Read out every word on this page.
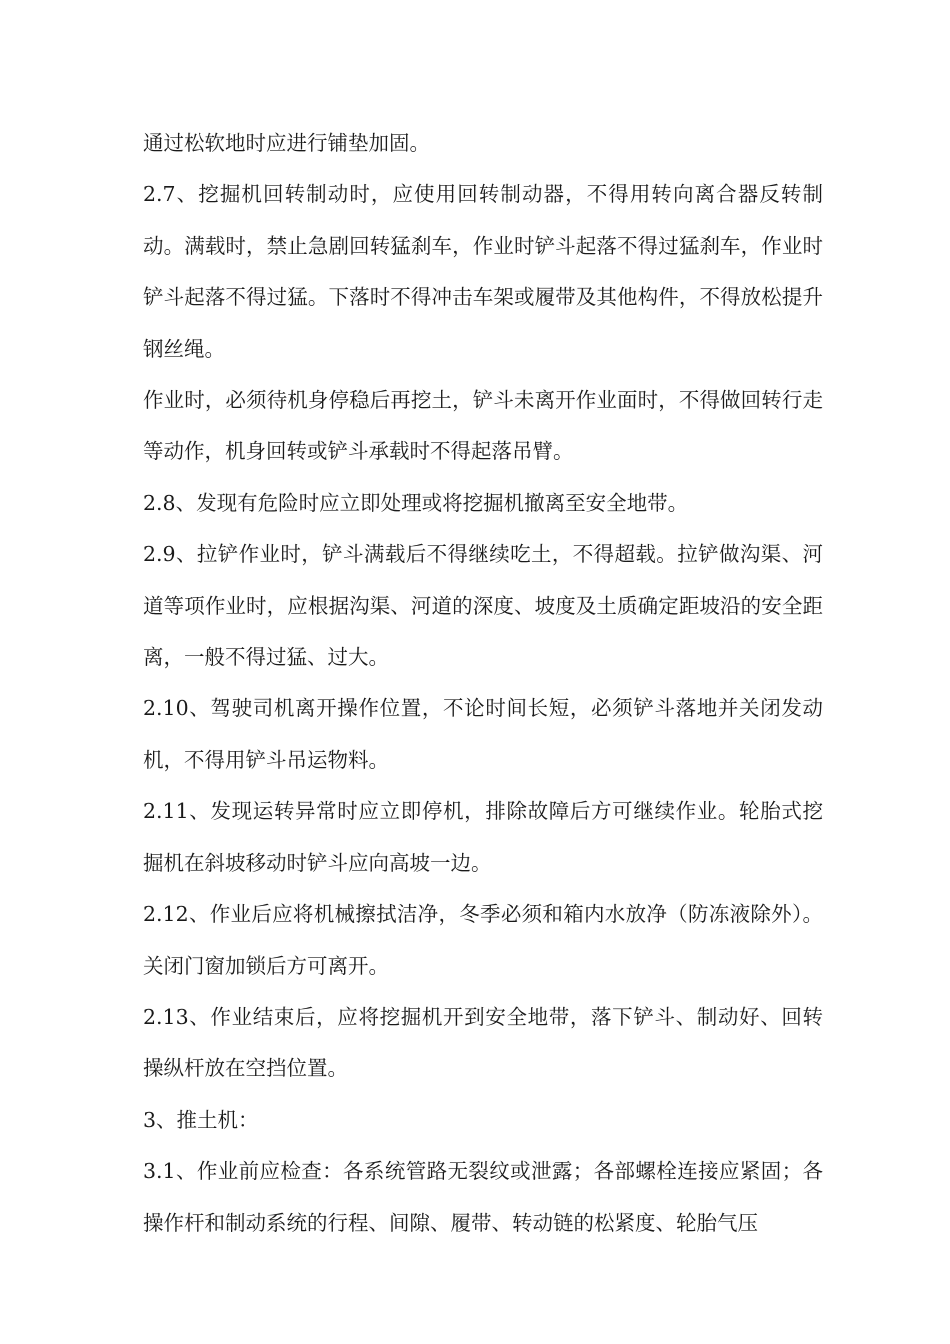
通过松软地时应进行铺垫加固。

2.7、挖掘机回转制动时，应使用回转制动器，不得用转向离合器反转制动。满载时，禁止急剧回转猛刹车，作业时铲斗起落不得过猛刹车，作业时铲斗起落不得过猛。下落时不得冲击车架或履带及其他构件，不得放松提升钢丝绳。

作业时，必须待机身停稳后再挖土，铲斗未离开作业面时，不得做回转行走等动作，机身回转或铲斗承载时不得起落吊臂。

2.8、发现有危险时应立即处理或将挖掘机撤离至安全地带。

2.9、拉铲作业时，铲斗满载后不得继续吃土，不得超载。拉铲做沟渠、河道等项作业时，应根据沟渠、河道的深度、坡度及土质确定距坡沿的安全距离，一般不得过猛、过大。

2.10、驾驶司机离开操作位置，不论时间长短，必须铲斗落地并关闭发动机，不得用铲斗吊运物料。

2.11、发现运转异常时应立即停机，排除故障后方可继续作业。轮胎式挖掘机在斜坡移动时铲斗应向高坡一边。

2.12、作业后应将机械擦拭洁净，冬季必须和箱内水放净（防冻液除外）。关闭门窗加锁后方可离开。

2.13、作业结束后，应将挖掘机开到安全地带，落下铲斗、制动好、回转操纵杆放在空挡位置。

3、推土机：

3.1、作业前应检查：各系统管路无裂纹或泄露；各部螺栓连接应紧固；各操作杆和制动系统的行程、间隙、履带、转动链的松紧度、轮胎气压
